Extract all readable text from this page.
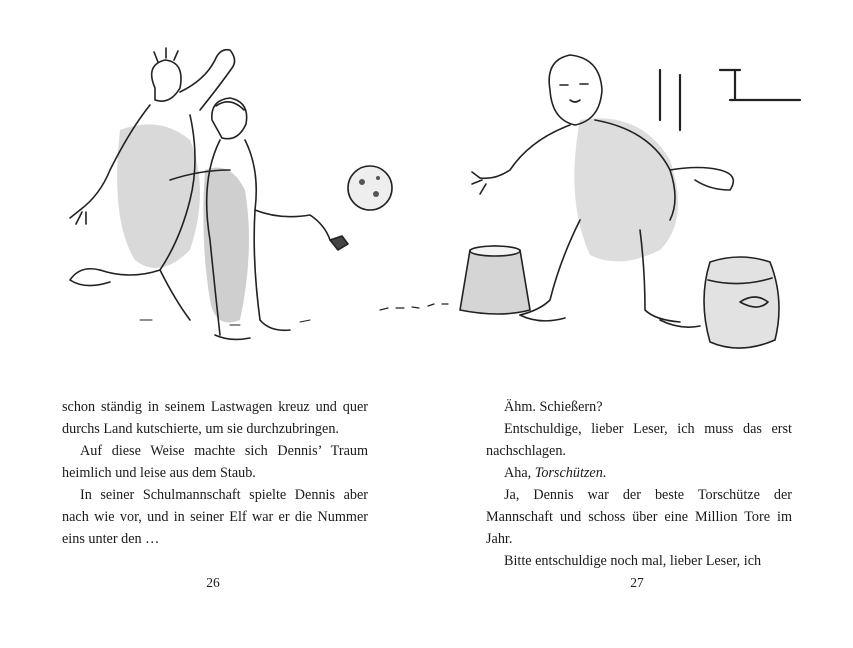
schon ständig in seinem Lastwagen kreuz und quer durchs Land kutschierte, um sie durchzubringen.

Auf diese Weise machte sich Dennis’ Traum heimlich und leise aus dem Staub.

In seiner Schulmannschaft spielte Dennis aber nach wie vor, und in seiner Elf war er die Nummer eins unter den …

Ähm. Schießern?

Entschuldige, lieber Leser, ich muss das erst nachschlagen.

Aha, Torschützen.

Ja, Dennis war der beste Torschütze der Mannschaft und schoss über eine Million Tore im Jahr.

Bitte entschuldige noch mal, lieber Leser, ich

26	27
